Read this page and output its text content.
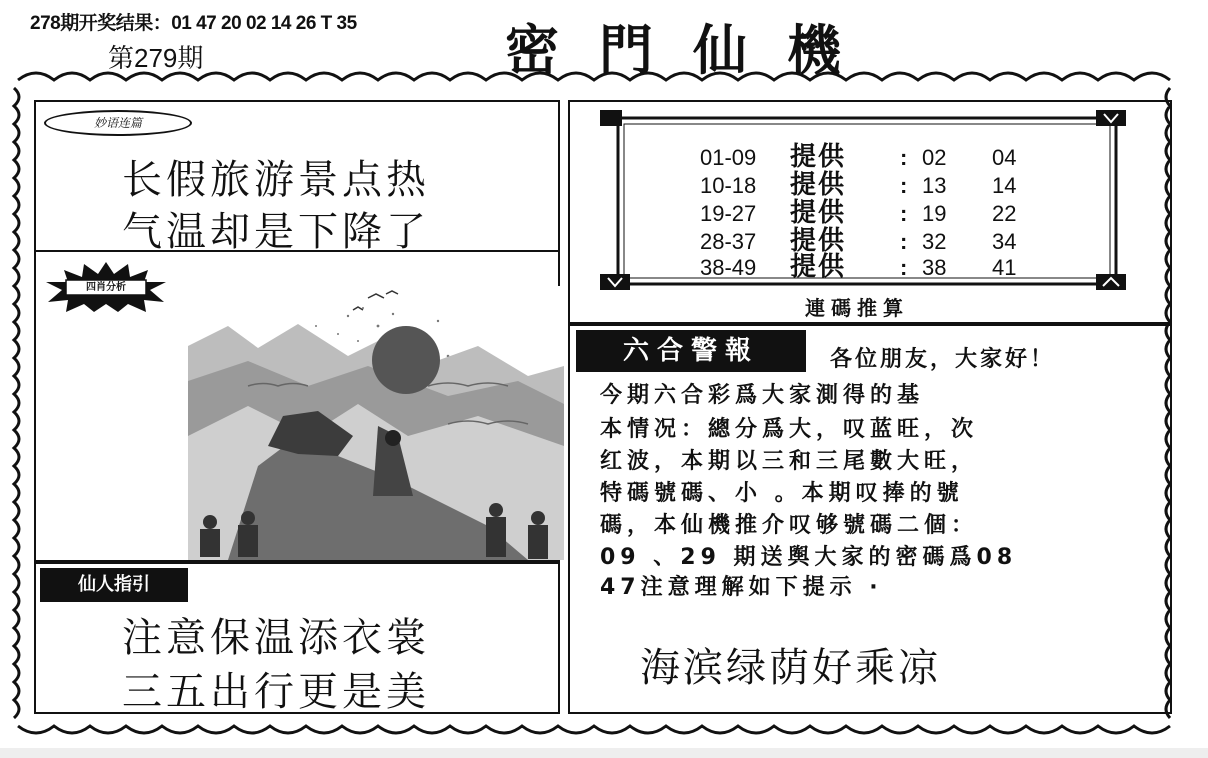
278期开奖结果：01 47 20 02 14 26 T 35
第279期	密門仙機
妙语连篇
长假旅游景点热
气温却是下降了
四肖分析
仙人指引
注意保温添衣裳
三五出行更是美
01-09 提供 : 02 04
10-18 提供 : 13 14
19-27 提供 : 19 22
28-37 提供 : 32 34
38-49 提供 : 38 41
連碼推算
六合警報	各位朋友，大家好！
今期六合彩爲大家測得的基
本情况：總分爲大，叹蓝旺，次
红波，本期以三和三尾數大旺，
特碼號碼、小 。本期叹捧的號
碼，本仙機推介叹够號碼二個：
09 、29 期送舆大家的密碼爲08
47注意理解如下提示 ·
海滨绿荫好乘凉
